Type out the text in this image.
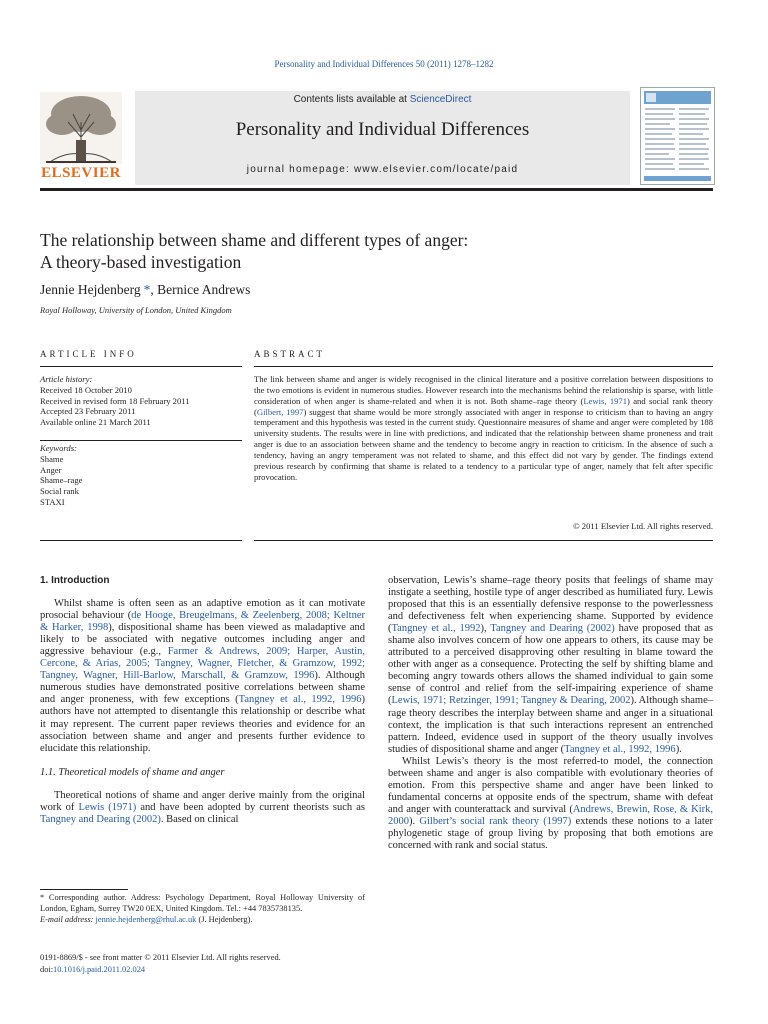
Personality and Individual Differences 50 (2011) 1278–1282
ELSEVIER
Contents lists available at ScienceDirect
Personality and Individual Differences
journal homepage: www.elsevier.com/locate/paid
The relationship between shame and different types of anger:
A theory-based investigation
Jennie Hejdenberg *, Bernice Andrews
Royal Holloway, University of London, United Kingdom
ARTICLE INFO	ABSTRACT
Article history:
Received 18 October 2010
Received in revised form 18 February 2011
Accepted 23 February 2011
Available online 21 March 2011
Keywords:
Shame
Anger
Shame–rage
Social rank
STAXI
The link between shame and anger is widely recognised in the clinical literature and a positive correlation between dispositions to the two emotions is evident in numerous studies. However research into the mechanisms behind the relationship is sparse, with little consideration of when anger is shame-related and when it is not. Both shame–rage theory (Lewis, 1971) and social rank theory (Gilbert, 1997) suggest that shame would be more strongly associated with anger in response to criticism than to having an angry temperament and this hypothesis was tested in the current study. Questionnaire measures of shame and anger were completed by 188 university students. The results were in line with predictions, and indicated that the relationship between shame proneness and trait anger is due to an association between shame and the tendency to become angry in reaction to criticism. In the absence of such a tendency, having an angry temperament was not related to shame, and this effect did not vary by gender. The findings extend previous research by confirming that shame is related to a tendency to a particular type of anger, namely that felt after specific provocation.
© 2011 Elsevier Ltd. All rights reserved.
1. Introduction

Whilst shame is often seen as an adaptive emotion as it can motivate prosocial behaviour (de Hooge, Breugelmans, & Zeelenberg, 2008; Keltner & Harker, 1998), dispositional shame has been viewed as maladaptive and likely to be associated with negative outcomes including anger and aggressive behaviour (e.g., Farmer & Andrews, 2009; Harper, Austin, Cercone, & Arias, 2005; Tangney, Wagner, Fletcher, & Gramzow, 1992; Tangney, Wagner, Hill-Barlow, Marschall, & Gramzow, 1996). Although numerous studies have demonstrated positive correlations between shame and anger proneness, with few exceptions (Tangney et al., 1992, 1996) authors have not attempted to disentangle this relationship or describe what it may represent. The current paper reviews theories and evidence for an association between shame and anger and presents further evidence to elucidate this relationship.

1.1. Theoretical models of shame and anger

Theoretical notions of shame and anger derive mainly from the original work of Lewis (1971) and have been adopted by current theorists such as Tangney and Dearing (2002). Based on clinical

observation, Lewis’s shame–rage theory posits that feelings of shame may instigate a seething, hostile type of anger described as humiliated fury. Lewis proposed that this is an essentially defensive response to the powerlessness and defectiveness felt when experiencing shame. Supported by evidence (Tangney et al., 1992), Tangney and Dearing (2002) have proposed that as shame also involves concern of how one appears to others, its cause may be attributed to a perceived disapproving other resulting in blame toward the other with anger as a consequence. Protecting the self by shifting blame and becoming angry towards others allows the shamed individual to gain some sense of control and relief from the self-impairing experience of shame (Lewis, 1971; Retzinger, 1991; Tangney & Dearing, 2002). Although shame–rage theory describes the interplay between shame and anger in a situational context, the implication is that such interactions represent an entrenched pattern. Indeed, evidence used in support of the theory usually involves studies of dispositional shame and anger (Tangney et al., 1992, 1996).

Whilst Lewis’s theory is the most referred-to model, the connection between shame and anger is also compatible with evolutionary theories of emotion. From this perspective shame and anger have been linked to fundamental concerns at opposite ends of the spectrum, shame with defeat and anger with counterattack and survival (Andrews, Brewin, Rose, & Kirk, 2000). Gilbert’s social rank theory (1997) extends these notions to a later phylogenetic stage of group living by proposing that both emotions are concerned with rank and social status.

* Corresponding author. Address: Psychology Department, Royal Holloway University of London, Egham, Surrey TW20 0EX, United Kingdom. Tel.: +44 7835738135.
E-mail address: jennie.hejdenberg@rhul.ac.uk (J. Hejdenberg).
0191-8869/$ - see front matter © 2011 Elsevier Ltd. All rights reserved.
doi:10.1016/j.paid.2011.02.024
